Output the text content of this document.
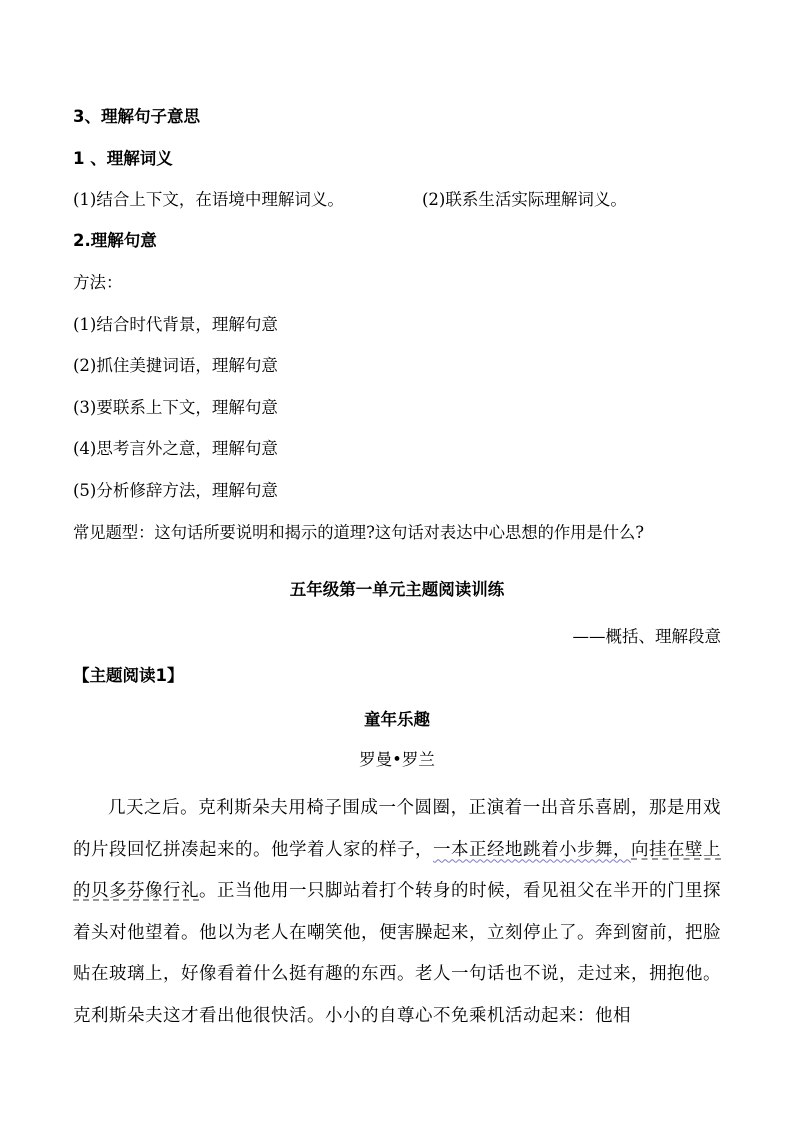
3、理解句子意思
1 、理解词义
(1)结合上下文，在语境中理解词义。	(2)联系生活实际理解词义。
2.理解句意
方法：
(1)结合时代背景，理解句意
(2)抓住美揵词语，理解句意
(3)要联系上下文，理解句意
(4)思考言外之意，理解句意
(5)分析修辞方法，理解句意
常见题型：这句话所要说明和揭示的道理?这句话对表达中心思想的作用是什么?
五年级第一单元主题阅读训练
——概括、理解段意
【主题阅读1】
童年乐趣
罗曼•罗兰
几天之后。克利斯朵夫用椅子围成一个圆圈，正演着一出音乐喜剧，那是用戏的片段回忆拼凑起来的。他学着人家的样子，一本正经地跳着小步舞，向挂在壁上的贝多芬像行礼。正当他用一只脚站着打个转身的时候，看见祖父在半开的门里探着头对他望着。他以为老人在嘲笑他，便害臊起来，立刻停止了。奔到窗前，把脸贴在玻璃上，好像看着什么挺有趣的东西。老人一句话也不说，走过来，拥抱他。克利斯朵夫这才看出他很快活。小小的自尊心不免乘机活动起来：他相
